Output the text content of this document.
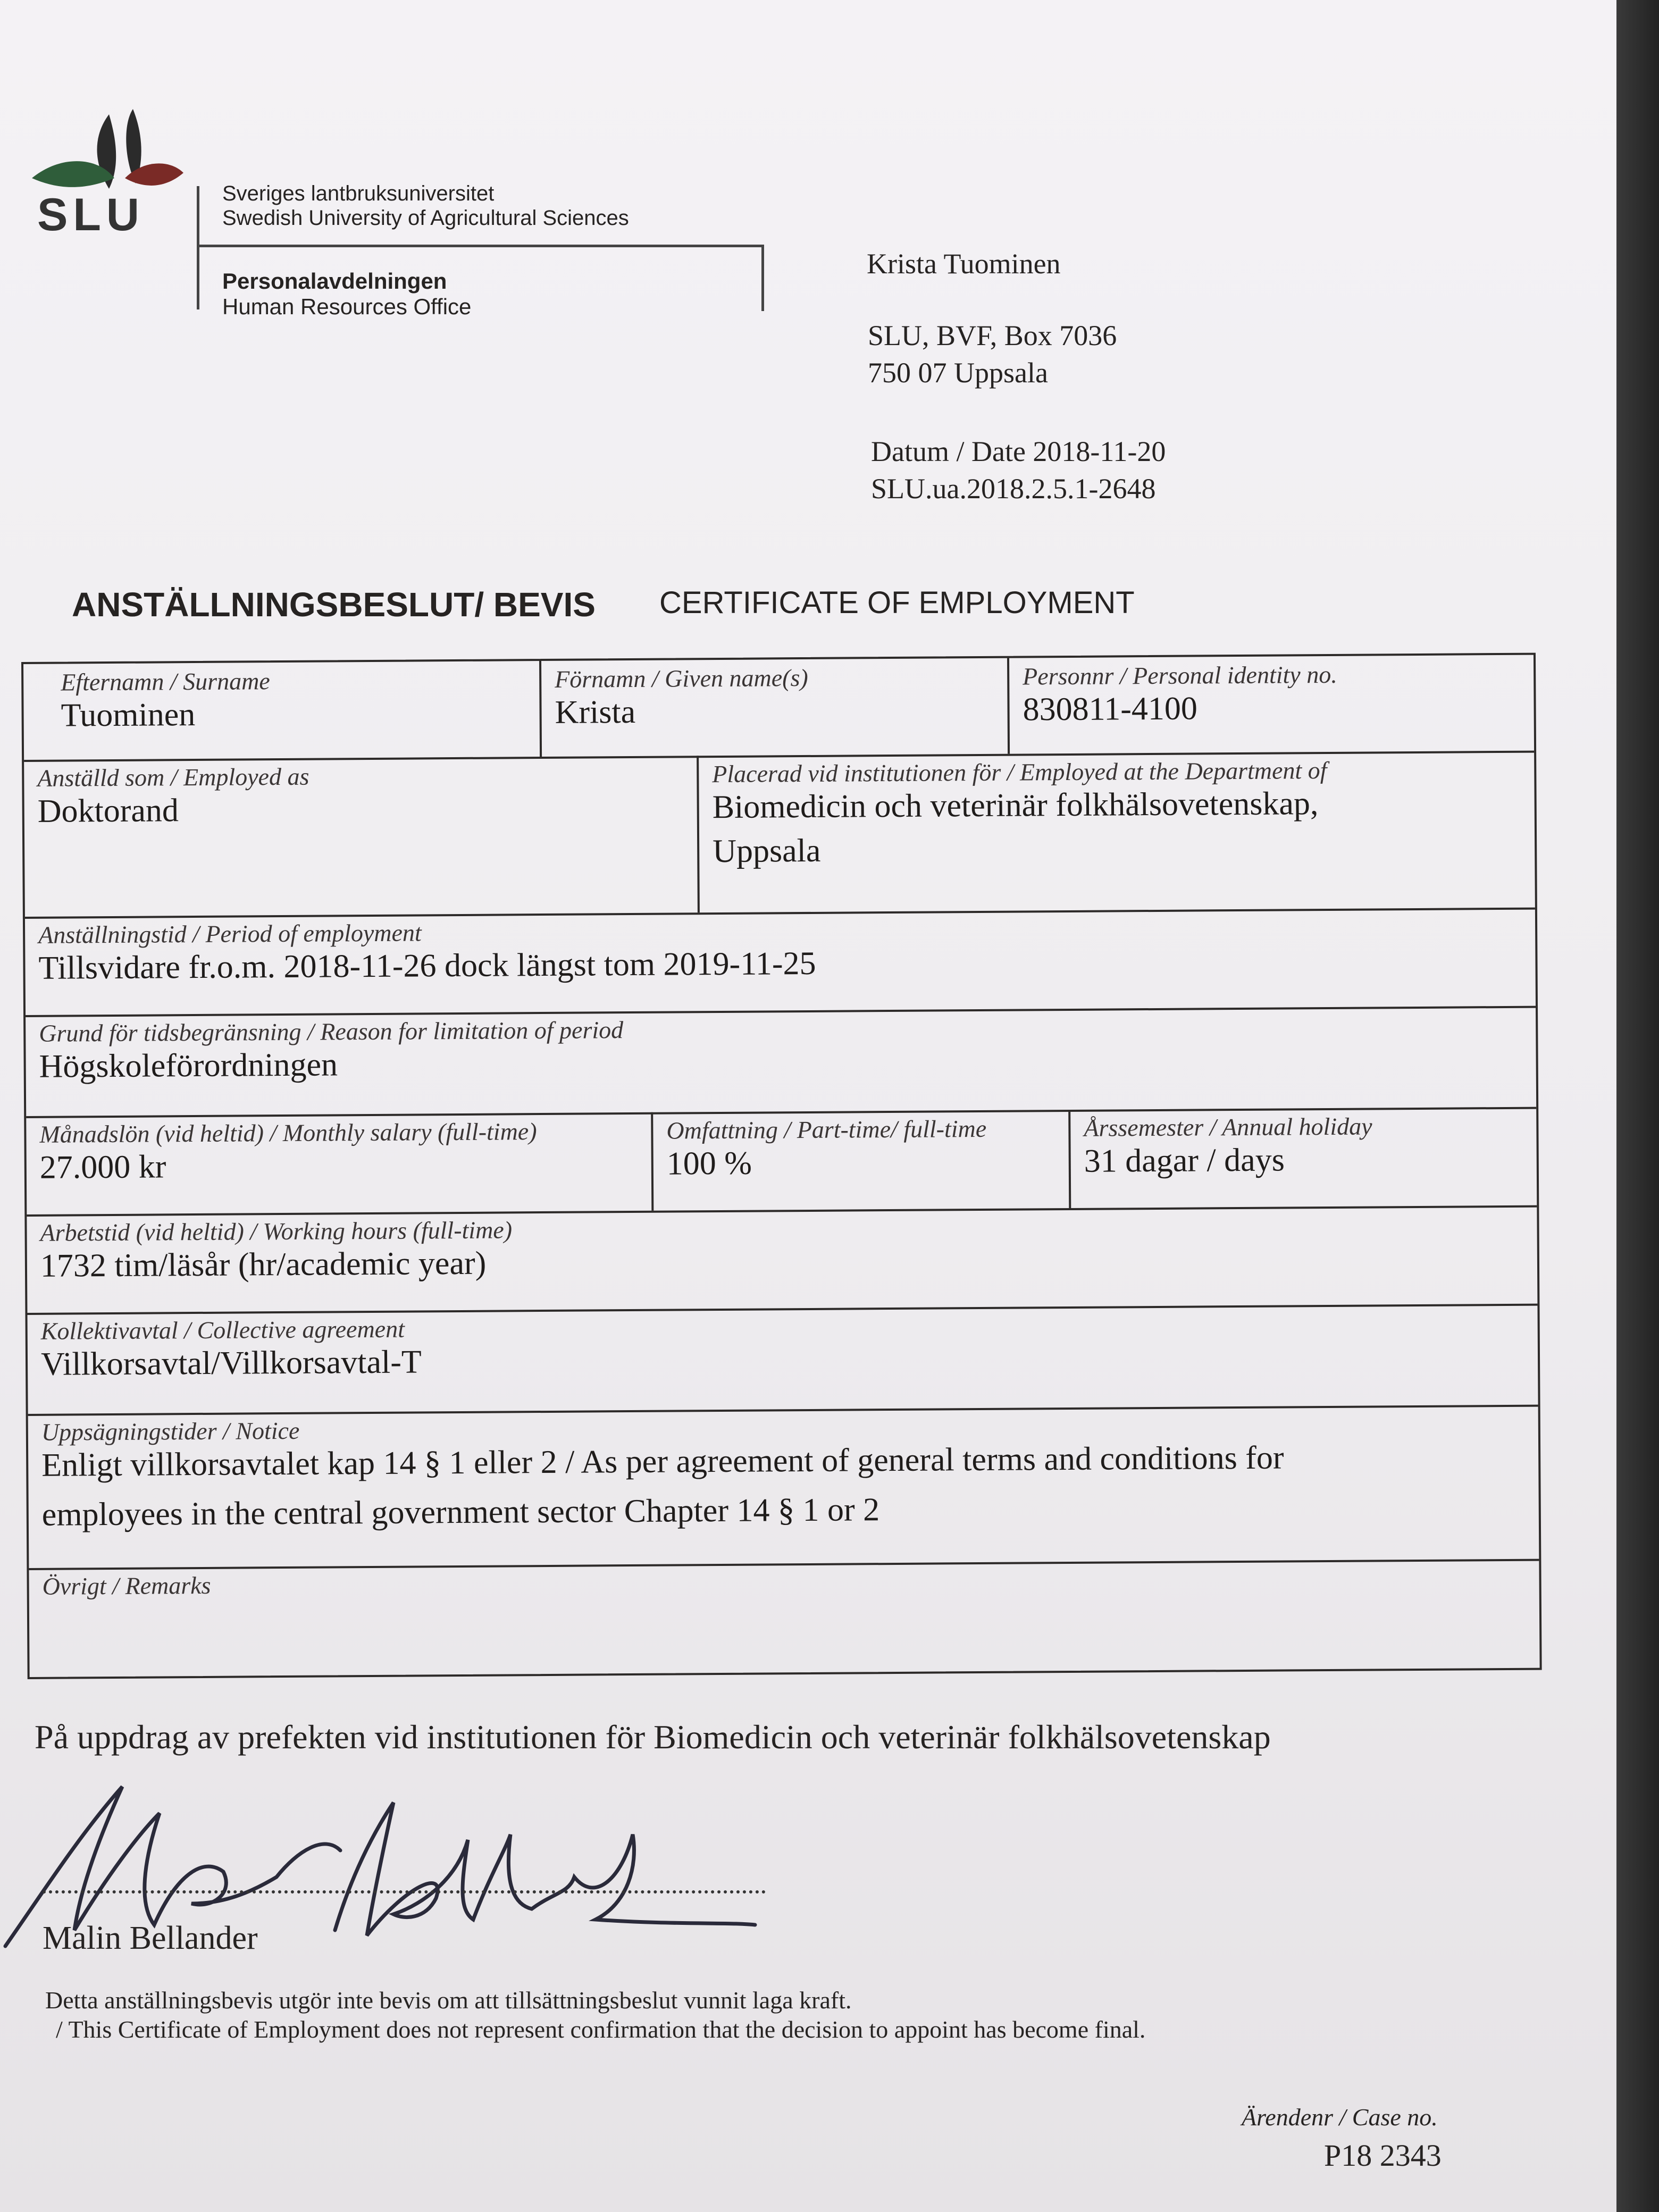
SLU	Sveriges lantbruksuniversitet
Swedish University of Agricultural Sciences
Personalavdelningen
Human Resources Office
Krista Tuominen
SLU, BVF, Box 7036
750 07 Uppsala
Datum / Date 2018-11-20
SLU.ua.2018.2.5.1-2648
ANSTÄLLNINGSBESLUT/ BEVIS CERTIFICATE OF EMPLOYMENT
Efternamn / Surname
Tuominen
Förnamn / Given name(s)
Krista
Personnr / Personal identity no.
830811-4100
Anställd som / Employed as
Doktorand
Placerad vid institutionen för / Employed at the Department of
Biomedicin och veterinär folkhälsovetenskap,
Uppsala
Anställningstid / Period of employment
Tillsvidare fr.o.m. 2018-11-26 dock längst tom 2019-11-25
Grund för tidsbegränsning / Reason for limitation of period
Högskoleförordningen
Månadslön (vid heltid) / Monthly salary (full-time)
27.000 kr
Omfattning / Part-time/ full-time
100 %
Årssemester / Annual holiday
31 dagar / days
Arbetstid (vid heltid) / Working hours (full-time)
1732 tim/läsår (hr/academic year)
Kollektivavtal / Collective agreement
Villkorsavtal/Villkorsavtal-T
Uppsägningstider / Notice
Enligt villkorsavtalet kap 14 § 1 eller 2 / As per agreement of general terms and conditions for
employees in the central government sector Chapter 14 § 1 or 2
Övrigt / Remarks
På uppdrag av prefekten vid institutionen för Biomedicin och veterinär folkhälsovetenskap
Malin Bellander
Detta anställningsbevis utgör inte bevis om att tillsättningsbeslut vunnit laga kraft.
/ This Certificate of Employment does not represent confirmation that the decision to appoint has become final.
Ärendenr / Case no.
P18 2343
